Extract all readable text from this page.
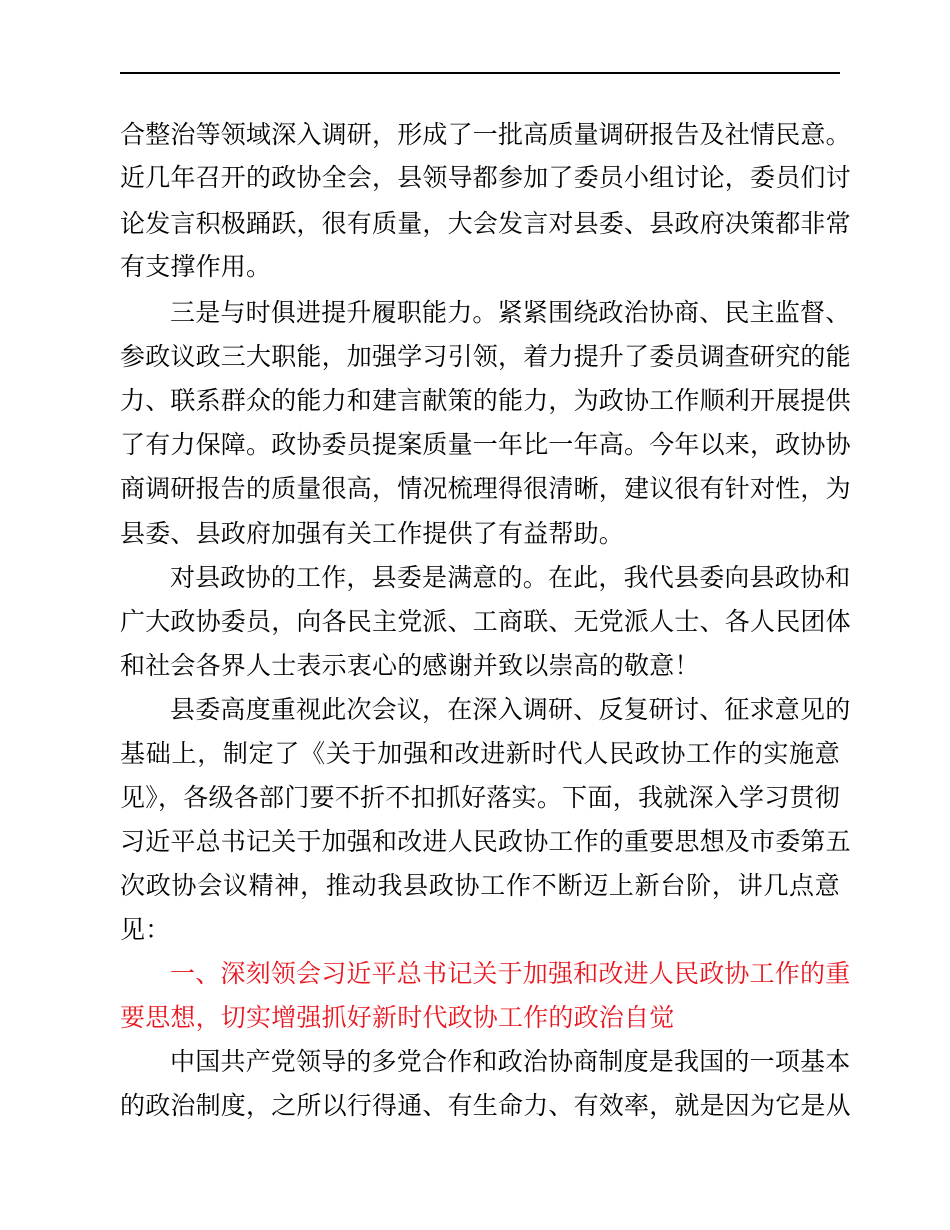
合整治等领域深入调研，形成了一批高质量调研报告及社情民意。
近几年召开的政协全会，县领导都参加了委员小组讨论，委员们讨
论发言积极踊跃，很有质量，大会发言对县委、县政府决策都非常
有支撑作用。
三是与时俱进提升履职能力。紧紧围绕政治协商、民主监督、
参政议政三大职能，加强学习引领，着力提升了委员调查研究的能
力、联系群众的能力和建言献策的能力，为政协工作顺利开展提供
了有力保障。政协委员提案质量一年比一年高。今年以来，政协协
商调研报告的质量很高，情况梳理得很清晰，建议很有针对性，为
县委、县政府加强有关工作提供了有益帮助。
对县政协的工作，县委是满意的。在此，我代县委向县政协和
广大政协委员，向各民主党派、工商联、无党派人士、各人民团体
和社会各界人士表示衷心的感谢并致以崇高的敬意！
县委高度重视此次会议，在深入调研、反复研讨、征求意见的
基础上，制定了《关于加强和改进新时代人民政协工作的实施意
见》，各级各部门要不折不扣抓好落实。下面，我就深入学习贯彻
习近平总书记关于加强和改进人民政协工作的重要思想及市委第五
次政协会议精神，推动我县政协工作不断迈上新台阶，讲几点意
见：
一、深刻领会习近平总书记关于加强和改进人民政协工作的重
要思想，切实增强抓好新时代政协工作的政治自觉
中国共产党领导的多党合作和政治协商制度是我国的一项基本
的政治制度，之所以行得通、有生命力、有效率，就是因为它是从
